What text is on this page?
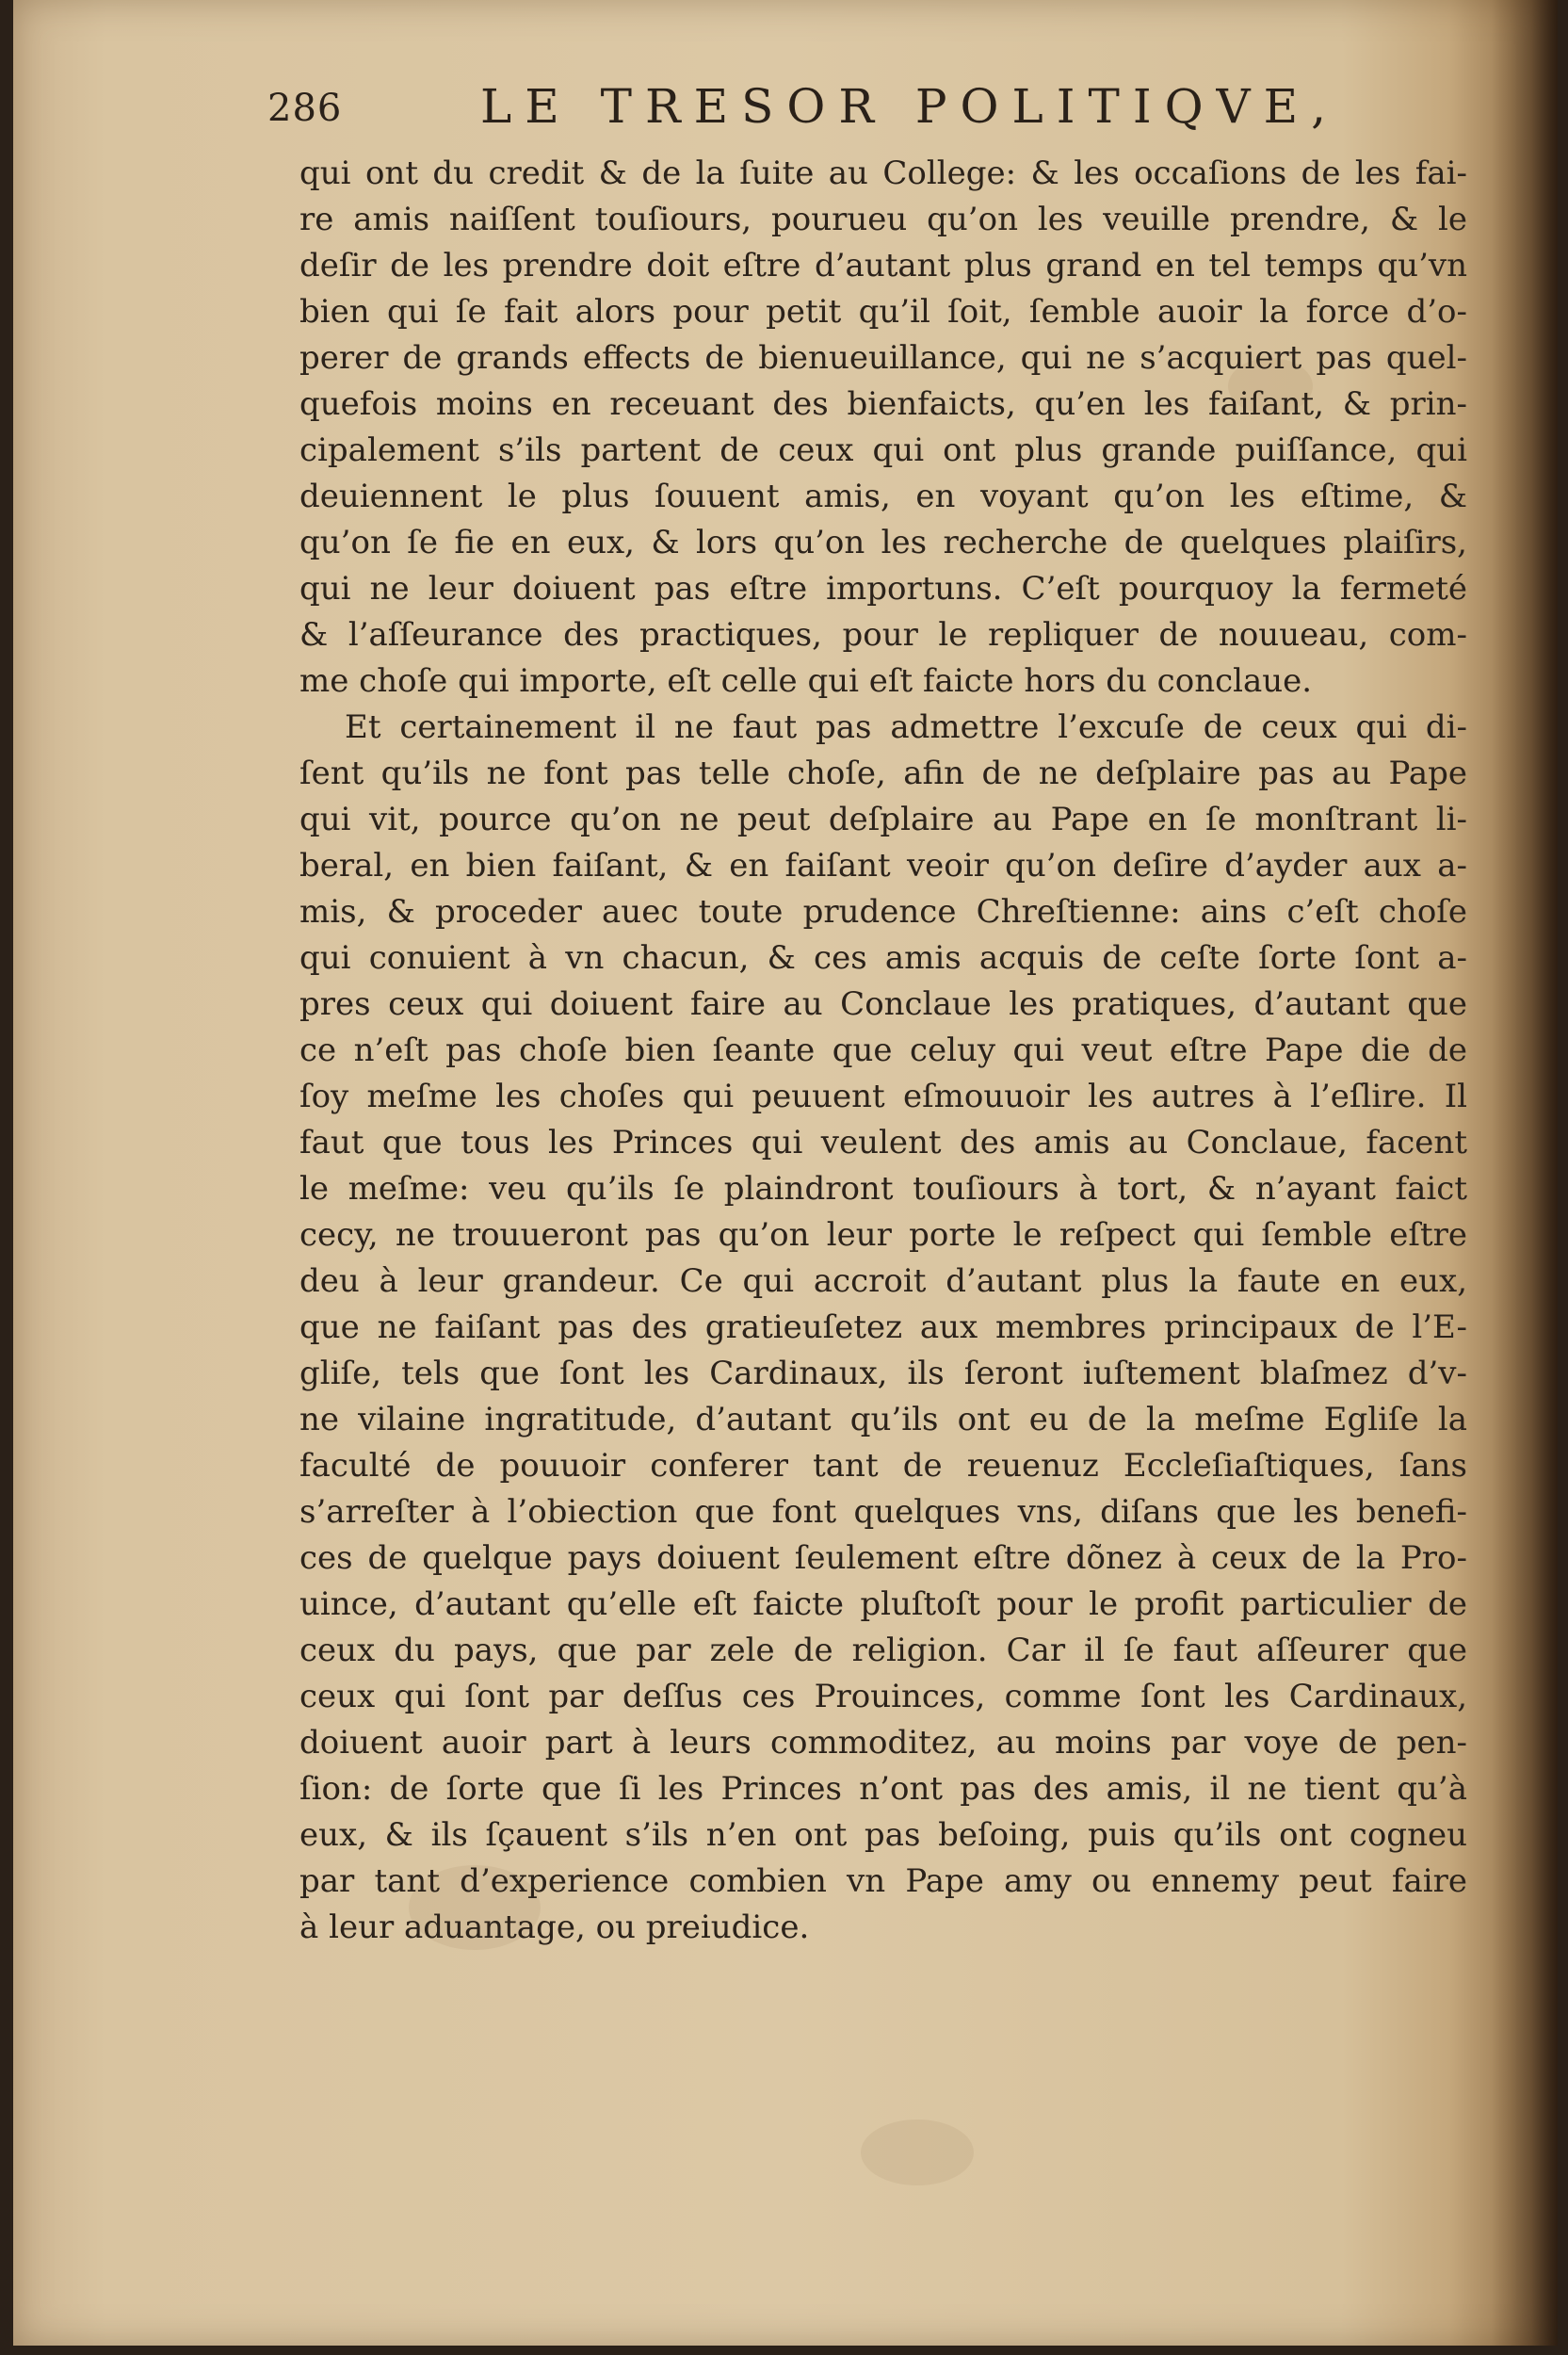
286	LE TRESOR POLITIQVE,
qui ont du credit & de la ſuite au College: & les occaſions de les fai-
re amis naiſſent touſiours, pourueu qu’on les veuille prendre, & le
deſir de les prendre doit eſtre d’autant plus grand en tel temps qu’vn
bien qui ſe fait alors pour petit qu’il ſoit, ſemble auoir la force d’o-
perer de grands effects de bienueuillance, qui ne s’acquiert pas quel-
quefois moins en receuant des bienfaicts, qu’en les faiſant, & prin-
cipalement s’ils partent de ceux qui ont plus grande puiſſance, qui
deuiennent le plus ſouuent amis, en voyant qu’on les eſtime, &
qu’on ſe fie en eux, & lors qu’on les recherche de quelques plaiſirs,
qui ne leur doiuent pas eſtre importuns. C’eſt pourquoy la fermeté
& l’aſſeurance des practiques, pour le repliquer de nouueau, com-
me choſe qui importe, eſt celle qui eſt faicte hors du conclaue.
Et certainement il ne faut pas admettre l’excuſe de ceux qui di-
ſent qu’ils ne font pas telle choſe, afin de ne deſplaire pas au Pape
qui vit, pource qu’on ne peut deſplaire au Pape en ſe monſtrant li-
beral, en bien faiſant, & en faiſant veoir qu’on deſire d’ayder aux a-
mis, & proceder auec toute prudence Chreſtienne: ains c’eſt choſe
qui conuient à vn chacun, & ces amis acquis de ceſte ſorte ſont a-
pres ceux qui doiuent faire au Conclaue les pratiques, d’autant que
ce n’eſt pas choſe bien ſeante que celuy qui veut eſtre Pape die de
ſoy meſme les choſes qui peuuent eſmouuoir les autres à l’eſlire. Il
faut que tous les Princes qui veulent des amis au Conclaue, facent
le meſme: veu qu’ils ſe plaindront touſiours à tort, & n’ayant faict
cecy, ne trouueront pas qu’on leur porte le reſpect qui ſemble eſtre
deu à leur grandeur. Ce qui accroit d’autant plus la faute en eux,
que ne faiſant pas des gratieuſetez aux membres principaux de l’E-
gliſe, tels que ſont les Cardinaux, ils ſeront iuſtement blaſmez d’v-
ne vilaine ingratitude, d’autant qu’ils ont eu de la meſme Egliſe la
faculté de pouuoir conferer tant de reuenuz Eccleſiaſtiques, ſans
s’arreſter à l’obiection que font quelques vns, diſans que les benefi-
ces de quelque pays doiuent ſeulement eſtre dõnez à ceux de la Pro-
uince, d’autant qu’elle eſt faicte pluſtoſt pour le profit particulier de
ceux du pays, que par zele de religion. Car il ſe faut aſſeurer que
ceux qui ſont par deſſus ces Prouinces, comme ſont les Cardinaux,
doiuent auoir part à leurs commoditez, au moins par voye de pen-
ſion: de ſorte que ſi les Princes n’ont pas des amis, il ne tient qu’à
eux, & ils ſçauent s’ils n’en ont pas beſoing, puis qu’ils ont cogneu
par tant d’experience combien vn Pape amy ou ennemy peut faire
à leur aduantage, ou preiudice.
